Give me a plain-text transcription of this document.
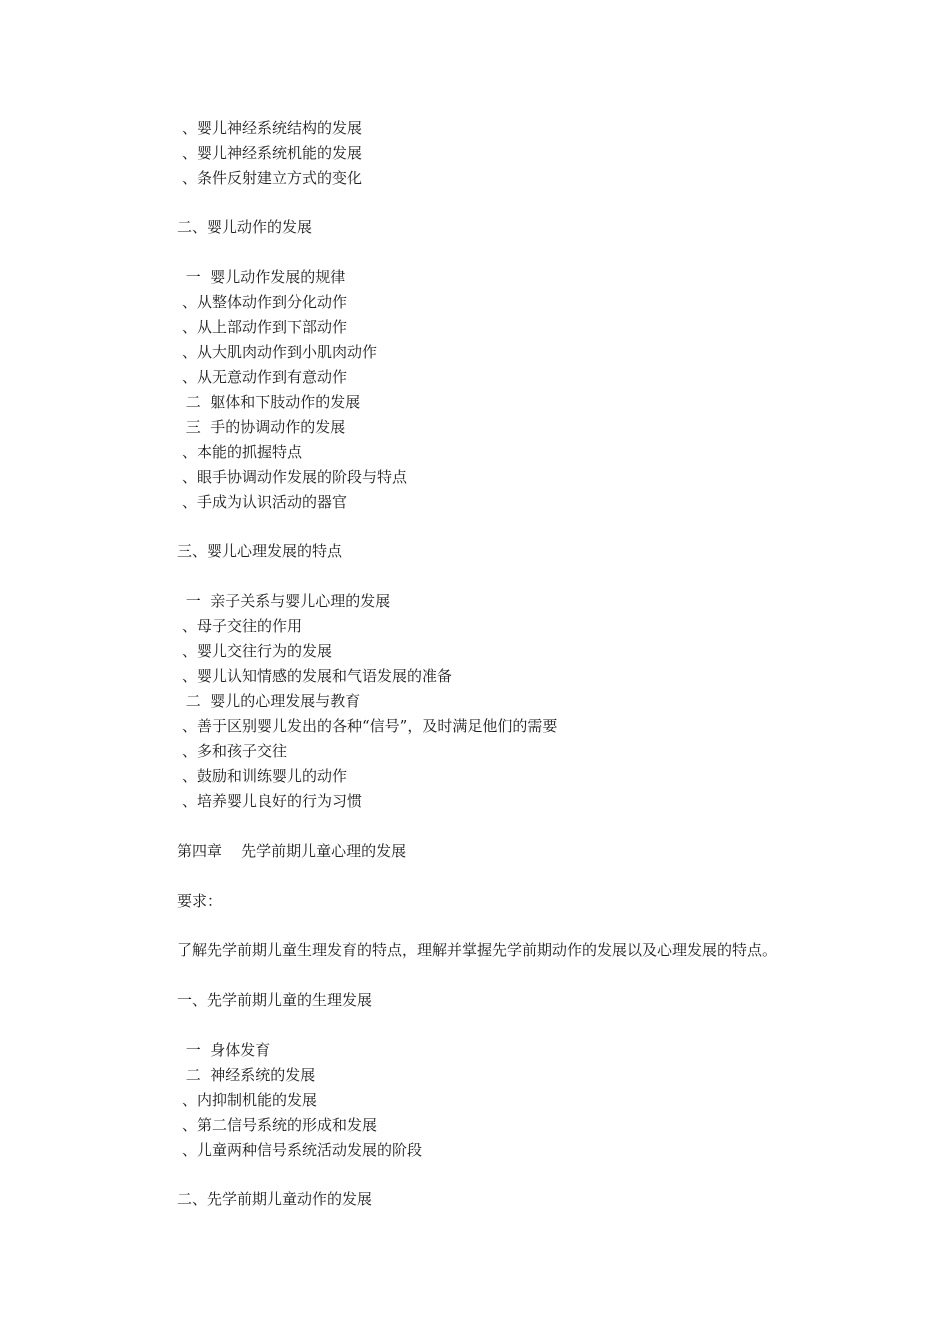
、婴儿神经系统结构的发展
、婴儿神经系统机能的发展
、条件反射建立方式的变化
二、婴儿动作的发展
一  婴儿动作发展的规律
、从整体动作到分化动作
、从上部动作到下部动作
、从大肌肉动作到小肌肉动作
、从无意动作到有意动作
二  躯体和下肢动作的发展
三  手的协调动作的发展
、本能的抓握特点
、眼手协调动作发展的阶段与特点
、手成为认识活动的器官
三、婴儿心理发展的特点
一  亲子关系与婴儿心理的发展
、母子交往的作用
、婴儿交往行为的发展
、婴儿认知情感的发展和气语发展的准备
二  婴儿的心理发展与教育
、善于区别婴儿发出的各种“信号”，及时满足他们的需要
、多和孩子交往
、鼓励和训练婴儿的动作
、培养婴儿良好的行为习惯
第四章    先学前期儿童心理的发展
要求：
了解先学前期儿童生理发育的特点，理解并掌握先学前期动作的发展以及心理发展的特点。
一、先学前期儿童的生理发展
一  身体发育
二  神经系统的发展
、内抑制机能的发展
、第二信号系统的形成和发展
、儿童两种信号系统活动发展的阶段
二、先学前期儿童动作的发展
